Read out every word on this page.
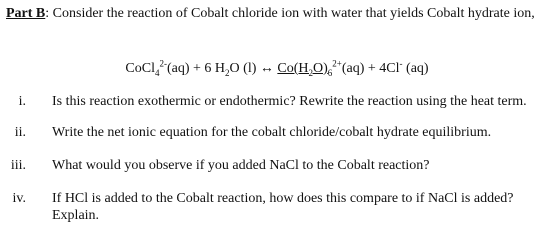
Part B: Consider the reaction of Cobalt chloride ion with water that yields Cobalt hydrate ion,

CoCl$_4^{2-}$(aq) + 6 $H_2O$ (l) ↔ $Co(H_2O)_6^{2+}(aq) + 4Cl^-$ (aq)
i. Is this reaction exothermic or endothermic? Rewrite the reaction using the heat term.
ii. Write the net ionic equation for the cobalt chloride/cobalt hydrate equilibrium.
iii. What would you observe if you added NaCl to the Cobalt reaction?
iv. If HCl is added to the Cobalt reaction, how does this compare to if NaCl is added? Explain.
